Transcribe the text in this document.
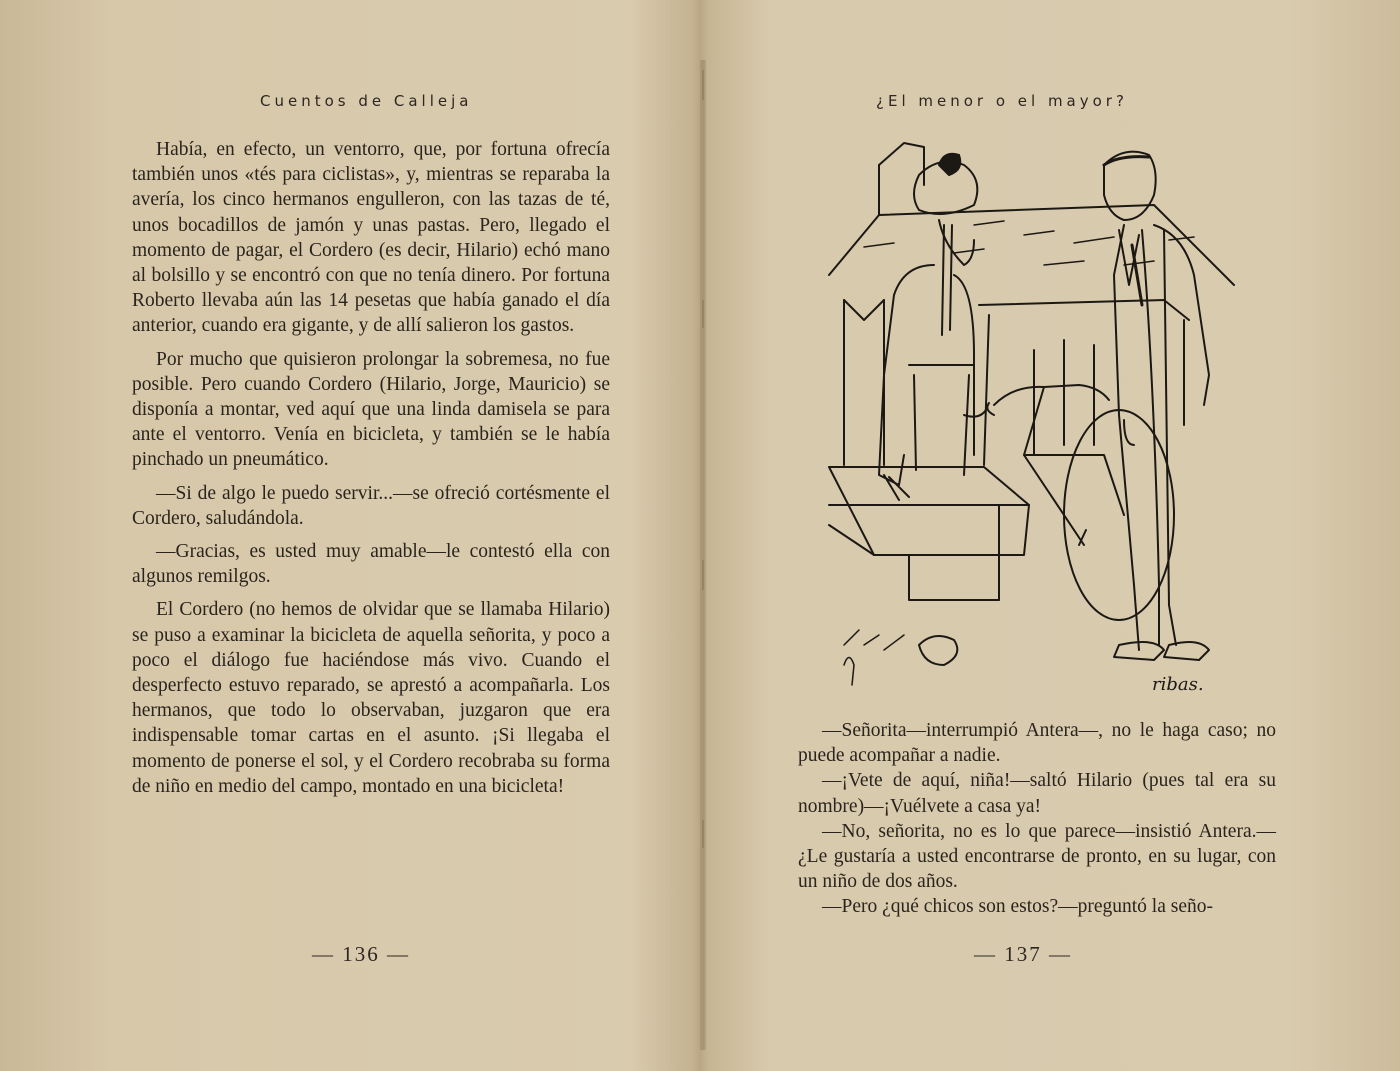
Cuentos de Calleja

Había, en efecto, un ventorro, que, por fortuna ofrecía también unos «tés para ciclistas», y, mientras se reparaba la avería, los cinco hermanos engulleron, con las tazas de té, unos bocadillos de jamón y unas pastas. Pero, llegado el momento de pagar, el Cordero (es decir, Hilario) echó mano al bolsillo y se encontró con que no tenía dinero. Por fortuna Roberto llevaba aún las 14 pesetas que había ganado el día anterior, cuando era gigante, y de allí salieron los gastos.

Por mucho que quisieron prolongar la sobremesa, no fue posible. Pero cuando Cordero (Hilario, Jorge, Mauricio) se disponía a montar, ved aquí que una linda damisela se para ante el ventorro. Venía en bicicleta, y también se le había pinchado un pneumático.

—Si de algo le puedo servir...—se ofreció cortésmente el Cordero, saludándola.

—Gracias, es usted muy amable—le contestó ella con algunos remilgos.

El Cordero (no hemos de olvidar que se llamaba Hilario) se puso a examinar la bicicleta de aquella señorita, y poco a poco el diálogo fue haciéndose más vivo. Cuando el desperfecto estuvo reparado, se aprestó a acompañarla. Los hermanos, que todo lo observaban, juzgaron que era indispensable tomar cartas en el asunto. ¡Si llegaba el momento de ponerse el sol, y el Cordero recobraba su forma de niño en medio del campo, montado en una bicicleta!

— 136 —
¿El menor o el mayor?
ribas.

—Señorita—interrumpió Antera—, no le haga caso; no puede acompañar a nadie.

—¡Vete de aquí, niña!—saltó Hilario (pues tal era su nombre)—¡Vuélvete a casa ya!

—No, señorita, no es lo que parece—insistió Antera.—¿Le gustaría a usted encontrarse de pronto, en su lugar, con un niño de dos años.

—Pero ¿qué chicos son estos?—preguntó la seño-

— 137 —
